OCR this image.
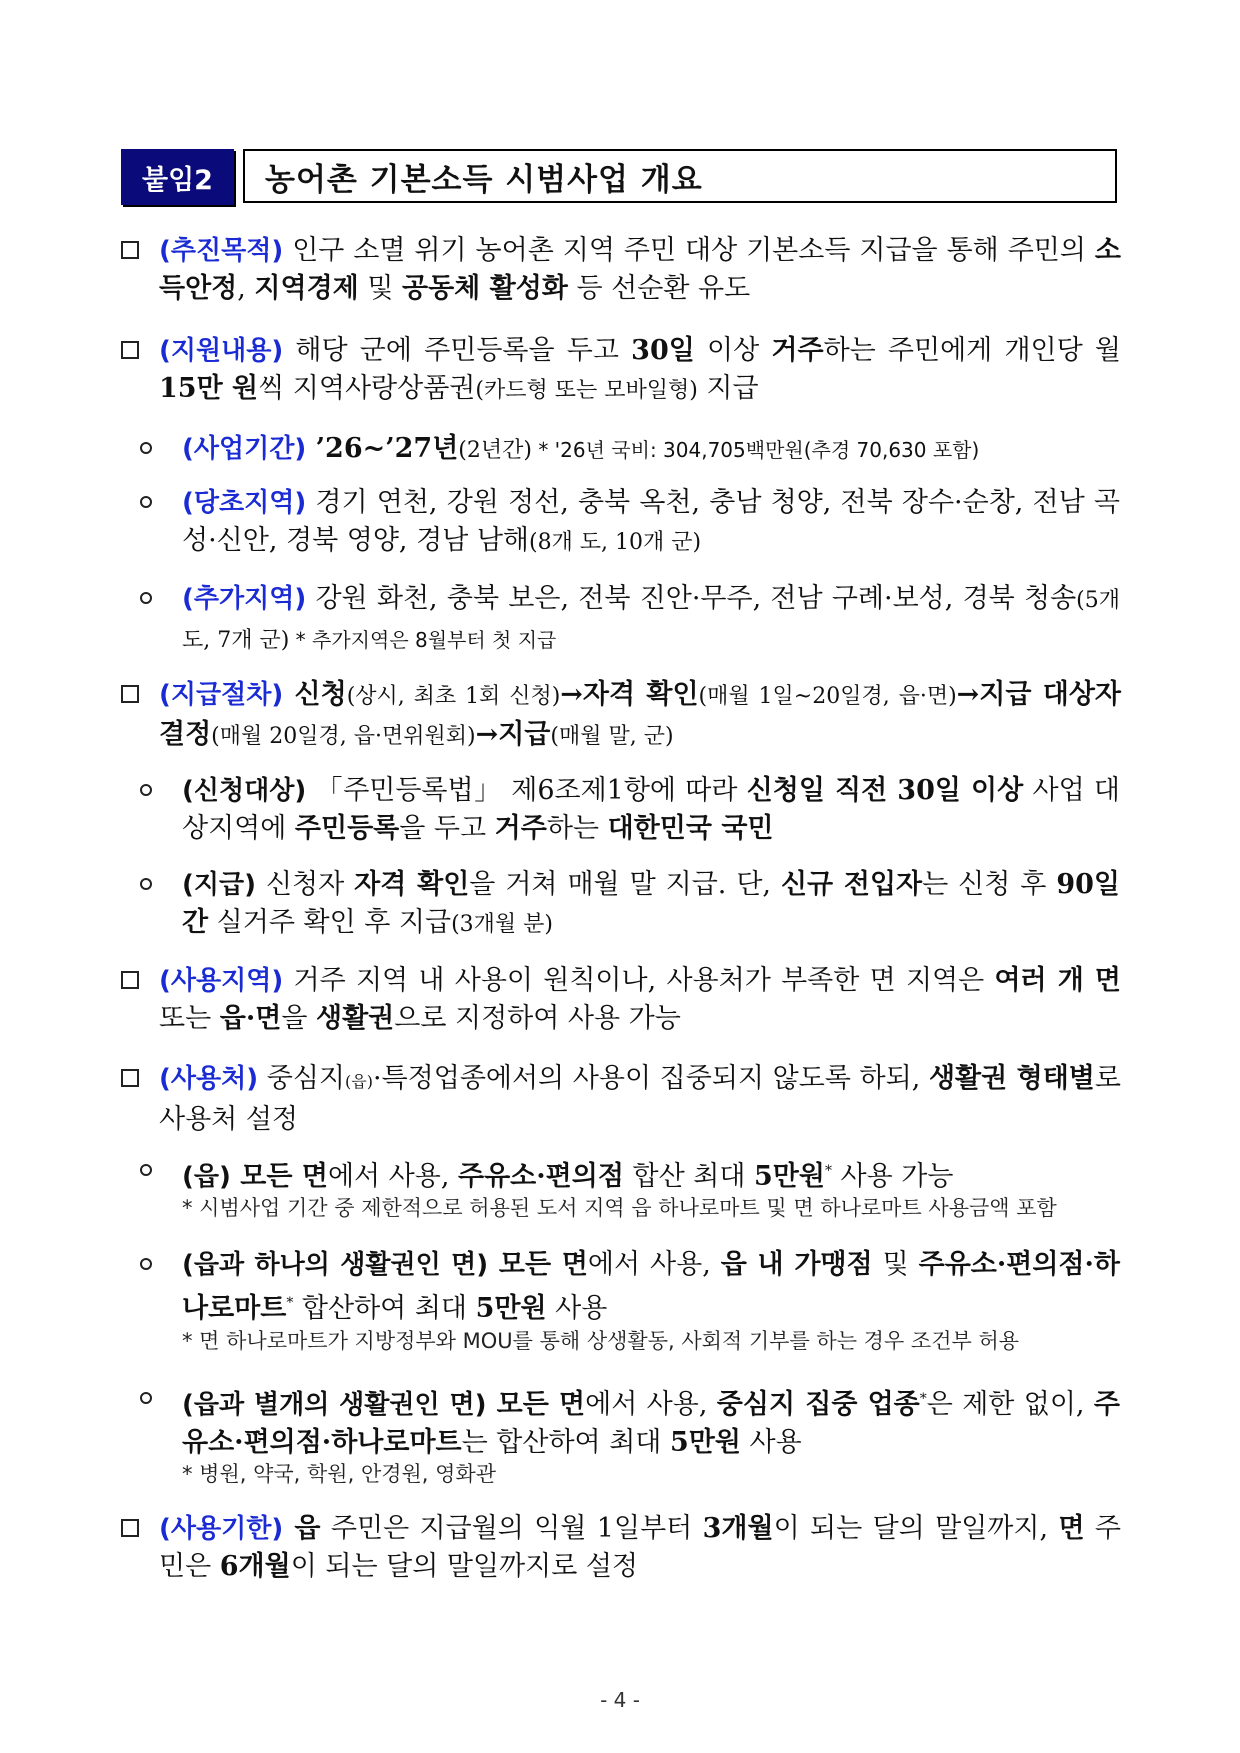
붙임2	농어촌 기본소득 시범사업 개요
(추진목적) 인구 소멸 위기 농어촌 지역 주민 대상 기본소득 지급을 통해 주민의 소득안정, 지역경제 및 공동체 활성화 등 선순환 유도
(지원내용) 해당 군에 주민등록을 두고 30일 이상 거주하는 주민에게 개인당 월 15만 원씩 지역사랑상품권(카드형 또는 모바일형) 지급
(사업기간) ’26~’27년(2년간) * '26년 국비: 304,705백만원(추경 70,630 포함)
(당초지역) 경기 연천, 강원 정선, 충북 옥천, 충남 청양, 전북 장수·순창, 전남 곡성·신안, 경북 영양, 경남 남해(8개 도, 10개 군)
(추가지역) 강원 화천, 충북 보은, 전북 진안·무주, 전남 구례·보성, 경북 청송(5개 도, 7개 군) * 추가지역은 8월부터 첫 지급
(지급절차) 신청(상시, 최초 1회 신청)→자격 확인(매월 1일~20일경, 읍·면)→지급 대상자 결정(매월 20일경, 읍·면위원회)→지급(매월 말, 군)
(신청대상) 「주민등록법」 제6조제1항에 따라 신청일 직전 30일 이상 사업 대상지역에 주민등록을 두고 거주하는 대한민국 국민
(지급) 신청자 자격 확인을 거쳐 매월 말 지급. 단, 신규 전입자는 신청 후 90일간 실거주 확인 후 지급(3개월 분)
(사용지역) 거주 지역 내 사용이 원칙이나, 사용처가 부족한 면 지역은 여러 개 면 또는 읍·면을 생활권으로 지정하여 사용 가능
(사용처) 중심지(읍)·특정업종에서의 사용이 집중되지 않도록 하되, 생활권 형태별로 사용처 설정
(읍) 모든 면에서 사용, 주유소·편의점 합산 최대 5만원* 사용 가능
* 시범사업 기간 중 제한적으로 허용된 도서 지역 읍 하나로마트 및 면 하나로마트 사용금액 포함
(읍과 하나의 생활권인 면) 모든 면에서 사용, 읍 내 가맹점 및 주유소·편의점·하나로마트* 합산하여 최대 5만원 사용
* 면 하나로마트가 지방정부와 MOU를 통해 상생활동, 사회적 기부를 하는 경우 조건부 허용
(읍과 별개의 생활권인 면) 모든 면에서 사용, 중심지 집중 업종*은 제한 없이, 주유소·편의점·하나로마트는 합산하여 최대 5만원 사용
* 병원, 약국, 학원, 안경원, 영화관
(사용기한) 읍 주민은 지급월의 익월 1일부터 3개월이 되는 달의 말일까지, 면 주민은 6개월이 되는 달의 말일까지로 설정
- 4 -
